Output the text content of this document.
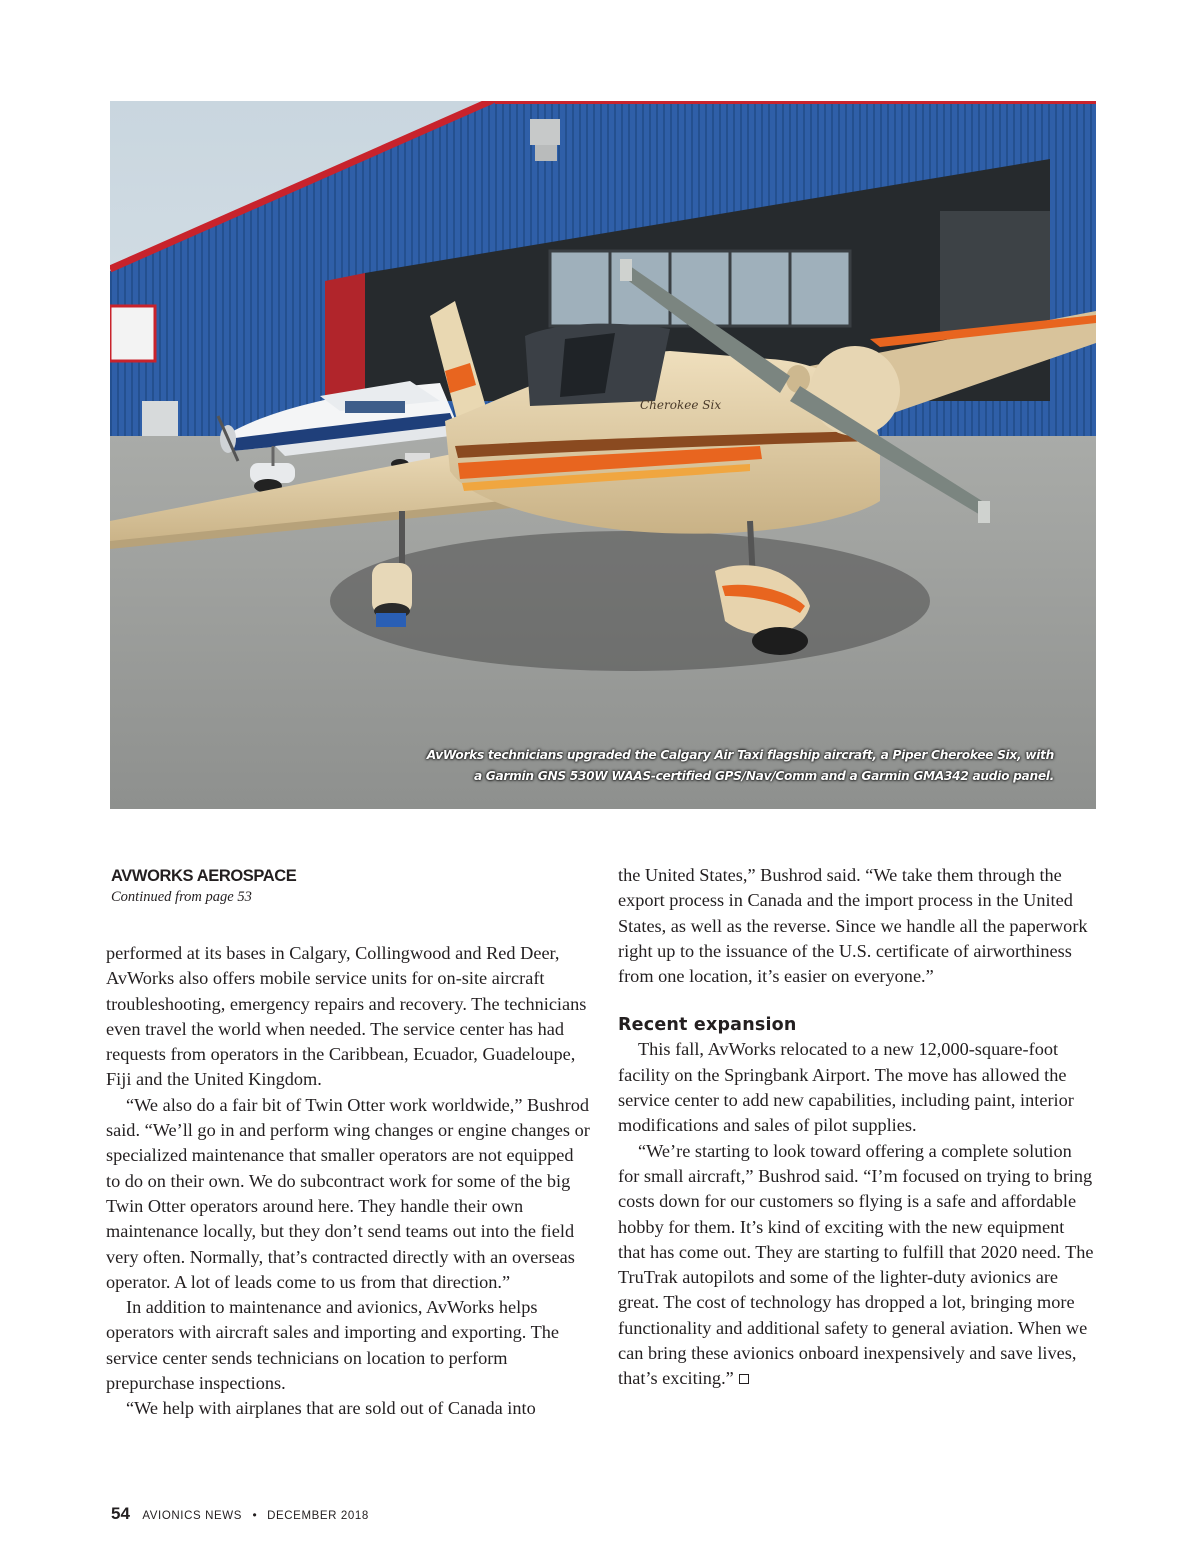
Cherokee Six
AvWorks technicians upgraded the Calgary Air Taxi flagship aircraft, a Piper Cherokee Six, with
a Garmin GNS 530W WAAS-certified GPS/Nav/Comm and a Garmin GMA342 audio panel.
AVWORKS AEROSPACE
Continued from page 53

performed at its bases in Calgary, Collingwood and Red Deer, AvWorks also offers mobile service units for on-site aircraft troubleshooting, emergency repairs and recovery. The technicians even travel the world when needed. The service center has had requests from operators in the Caribbean, Ecuador, Guadeloupe, Fiji and the United Kingdom.

“We also do a fair bit of Twin Otter work worldwide,” Bushrod said. “We’ll go in and perform wing changes or engine changes or specialized maintenance that smaller operators are not equipped to do on their own. We do subcontract work for some of the big Twin Otter operators around here. They handle their own maintenance locally, but they don’t send teams out into the field very often. Normally, that’s contracted directly with an overseas operator. A lot of leads come to us from that direction.”

In addition to maintenance and avionics, AvWorks helps operators with aircraft sales and importing and exporting. The service center sends technicians on location to perform prepurchase inspections.

“We help with airplanes that are sold out of Canada into

the United States,” Bushrod said. “We take them through the export process in Canada and the import process in the United States, as well as the reverse. Since we handle all the paperwork right up to the issuance of the U.S. certificate of airworthiness from one location, it’s easier on everyone.”

Recent expansion

This fall, AvWorks relocated to a new 12,000-square-foot facility on the Springbank Airport. The move has allowed the service center to add new capabilities, including paint, interior modifications and sales of pilot supplies.

“We’re starting to look toward offering a complete solution for small aircraft,” Bushrod said. “I’m focused on trying to bring costs down for our customers so flying is a safe and affordable hobby for them. It’s kind of exciting with the new equipment that has come out. They are starting to fulfill that 2020 need. The TruTrak autopilots and some of the lighter-duty avionics are great. The cost of technology has dropped a lot, bringing more functionality and additional safety to general aviation. When we can bring these avionics onboard inexpensively and save lives, that’s exciting.”

54 AVIONICS NEWS • DECEMBER 2018
